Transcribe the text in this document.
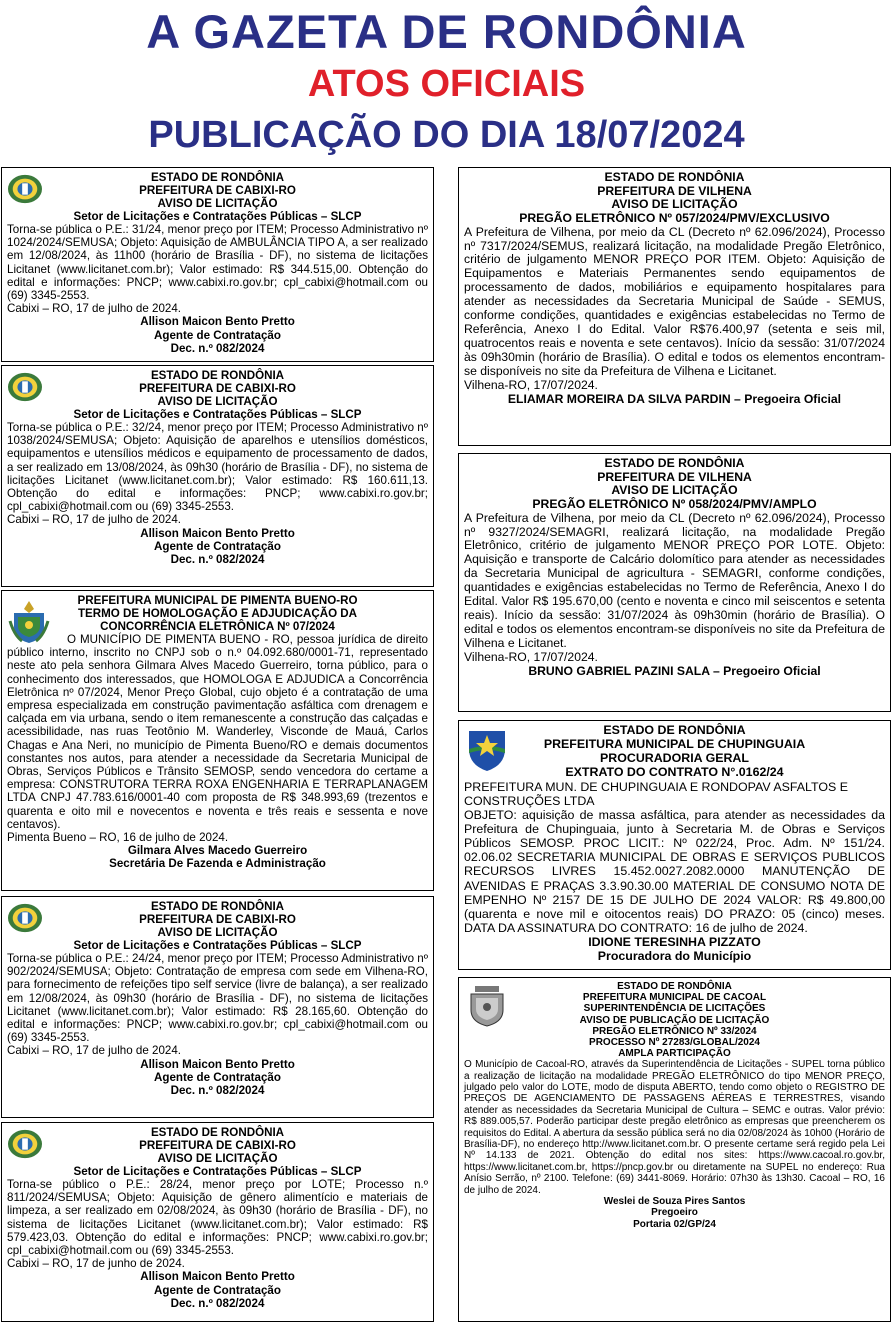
A GAZETA DE RONDÔNIA
ATOS OFICIAIS
PUBLICAÇÃO DO DIA 18/07/2024
ESTADO DE RONDÔNIA
PREFEITURA DE CABIXI-RO
AVISO DE LICITAÇÃO
Setor de Licitações e Contratações Públicas – SLCP
Torna-se pública o P.E.: 31/24, menor preço por ITEM; Processo Administrativo nº 1024/2024/SEMUSA; Objeto: Aquisição de AMBULÂNCIA TIPO A, a ser realizado em 12/08/2024, às 11h00 (horário de Brasília - DF), no sistema de licitações Licitanet (www.licitanet.com.br); Valor estimado: R$ 344.515,00. Obtenção do edital e informações: PNCP; www.cabixi.ro.gov.br; cpl_cabixi@hotmail.com ou (69) 3345-2553.
Cabixi – RO, 17 de julho de 2024.
Allison Maicon Bento Pretto
Agente de Contratação
Dec. n.º 082/2024
ESTADO DE RONDÔNIA
PREFEITURA DE CABIXI-RO
AVISO DE LICITAÇÃO
Setor de Licitações e Contratações Públicas – SLCP
Torna-se pública o P.E.: 32/24, menor preço por ITEM; Processo Administrativo nº 1038/2024/SEMUSA; Objeto: Aquisição de aparelhos e utensílios domésticos, equipamentos e utensílios médicos e equipamento de processamento de dados, a ser realizado em 13/08/2024, às 09h30 (horário de Brasília - DF), no sistema de licitações Licitanet (www.licitanet.com.br); Valor estimado: R$ 160.611,13. Obtenção do edital e informações: PNCP; www.cabixi.ro.gov.br; cpl_cabixi@hotmail.com ou (69) 3345-2553.
Cabixi – RO, 17 de julho de 2024.
Allison Maicon Bento Pretto
Agente de Contratação
Dec. n.º 082/2024
PREFEITURA MUNICIPAL DE PIMENTA BUENO-RO
TERMO DE HOMOLOGAÇÃO E ADJUDICAÇÃO DA
CONCORRÊNCIA ELETRÔNICA Nº 07/2024
O MUNICÍPIO DE PIMENTA BUENO - RO, pessoa jurídica de direito público interno, inscrito no CNPJ sob o n.º 04.092.680/0001-71, representado neste ato pela senhora Gilmara Alves Macedo Guerreiro, torna público, para o conhecimento dos interessados, que HOMOLOGA E ADJUDICA a Concorrência Eletrônica nº 07/2024, Menor Preço Global, cujo objeto é a contratação de uma empresa especializada em construção pavimentação asfáltica com drenagem e calçada em via urbana, sendo o item remanescente a construção das calçadas e acessibilidade, nas ruas Teotônio M. Wanderley, Visconde de Mauá, Carlos Chagas e Ana Neri, no município de Pimenta Bueno/RO e demais documentos constantes nos autos, para atender a necessidade da Secretaria Municipal de Obras, Serviços Públicos e Trânsito SEMOSP, sendo vencedora do certame a empresa: CONSTRUTORA TERRA ROXA ENGENHARIA E TERRAPLANAGEM LTDA CNPJ 47.783.616/0001-40 com proposta de R$ 348.993,69 (trezentos e quarenta e oito mil e novecentos e noventa e três reais e sessenta e nove centavos).
Pimenta Bueno – RO, 16 de julho de 2024.
Gilmara Alves Macedo Guerreiro
Secretária De Fazenda e Administração
ESTADO DE RONDÔNIA
PREFEITURA DE CABIXI-RO
AVISO DE LICITAÇÃO
Setor de Licitações e Contratações Públicas – SLCP
Torna-se pública o P.E.: 24/24, menor preço por ITEM; Processo Administrativo nº 902/2024/SEMUSA; Objeto: Contratação de empresa com sede em Vilhena-RO, para fornecimento de refeições tipo self service (livre de balança), a ser realizado em 12/08/2024, às 09h30 (horário de Brasília - DF), no sistema de licitações Licitanet (www.licitanet.com.br); Valor estimado: R$ 28.165,60. Obtenção do edital e informações: PNCP; www.cabixi.ro.gov.br; cpl_cabixi@hotmail.com ou (69) 3345-2553.
Cabixi – RO, 17 de julho de 2024.
Allison Maicon Bento Pretto
Agente de Contratação
Dec. n.º 082/2024
ESTADO DE RONDÔNIA
PREFEITURA DE CABIXI-RO
AVISO DE LICITAÇÃO
Setor de Licitações e Contratações Públicas – SLCP
Torna-se público o P.E.: 28/24, menor preço por LOTE; Processo n.º 811/2024/SEMUSA; Objeto: Aquisição de gênero alimentício e materiais de limpeza, a ser realizado em 02/08/2024, às 09h30 (horário de Brasília - DF), no sistema de licitações Licitanet (www.licitanet.com.br); Valor estimado: R$ 579.423,03. Obtenção do edital e informações: PNCP; www.cabixi.ro.gov.br; cpl_cabixi@hotmail.com ou (69) 3345-2553.
Cabixi – RO, 17 de junho de 2024.
Allison Maicon Bento Pretto
Agente de Contratação
Dec. n.º 082/2024
ESTADO DE RONDÔNIA
PREFEITURA DE VILHENA
AVISO DE LICITAÇÃO
PREGÃO ELETRÔNICO Nº 057/2024/PMV/EXCLUSIVO
A Prefeitura de Vilhena, por meio da CL (Decreto nº 62.096/2024), Processo nº 7317/2024/SEMUS, realizará licitação, na modalidade Pregão Eletrônico, critério de julgamento MENOR PREÇO POR ITEM. Objeto: Aquisição de Equipamentos e Materiais Permanentes sendo equipamentos de processamento de dados, mobiliários e equipamento hospitalares para atender as necessidades da Secretaria Municipal de Saúde - SEMUS, conforme condições, quantidades e exigências estabelecidas no Termo de Referência, Anexo I do Edital. Valor R$76.400,97 (setenta e seis mil, quatrocentos reais e noventa e sete centavos). Início da sessão: 31/07/2024 às 09h30min (horário de Brasília). O edital e todos os elementos encontram-se disponíveis no site da Prefeitura de Vilhena e Licitanet.
Vilhena-RO, 17/07/2024.
ELIAMAR MOREIRA DA SILVA PARDIN – Pregoeira Oficial
ESTADO DE RONDÔNIA
PREFEITURA DE VILHENA
AVISO DE LICITAÇÃO
PREGÃO ELETRÔNICO Nº 058/2024/PMV/AMPLO
A Prefeitura de Vilhena, por meio da CL (Decreto nº 62.096/2024), Processo nº 9327/2024/SEMAGRI, realizará licitação, na modalidade Pregão Eletrônico, critério de julgamento MENOR PREÇO POR LOTE. Objeto: Aquisição e transporte de Calcário dolomítico para atender as necessidades da Secretaria Municipal de agricultura - SEMAGRI, conforme condições, quantidades e exigências estabelecidas no Termo de Referência, Anexo I do Edital. Valor R$ 195.670,00 (cento e noventa e cinco mil seiscentos e setenta reais). Início da sessão: 31/07/2024 às 09h30min (horário de Brasília). O edital e todos os elementos encontram-se disponíveis no site da Prefeitura de Vilhena e Licitanet.
Vilhena-RO, 17/07/2024.
BRUNO GABRIEL PAZINI SALA – Pregoeiro Oficial
ESTADO DE RONDÔNIA
PREFEITURA MUNICIPAL DE CHUPINGUAIA
PROCURADORIA GERAL
EXTRATO DO CONTRATO N°.0162/24
PREFEITURA MUN. DE CHUPINGUAIA E RONDOPAV ASFALTOS E CONSTRUÇÕES LTDA
OBJETO: aquisição de massa asfáltica, para atender as necessidades da Prefeitura de Chupinguaia, junto à Secretaria M. de Obras e Serviços Públicos SEMOSP. PROC LICIT.: Nº 022/24, Proc. Adm. Nº 151/24. 02.06.02 SECRETARIA MUNICIPAL DE OBRAS E SERVIÇOS PUBLICOS RECURSOS LIVRES 15.452.0027.2082.0000 MANUTENÇÃO DE AVENIDAS E PRAÇAS 3.3.90.30.00 MATERIAL DE CONSUMO NOTA DE EMPENHO Nº 2157 DE 15 DE JULHO DE 2024 VALOR: R$ 49.800,00 (quarenta e nove mil e oitocentos reais) DO PRAZO: 05 (cinco) meses. DATA DA ASSINATURA DO CONTRATO: 16 de julho de 2024.
IDIONE TERESINHA PIZZATO
Procuradora do Município
ESTADO DE RONDÔNIA
PREFEITURA MUNICIPAL DE CACOAL
SUPERINTENDÊNCIA DE LICITAÇÕES
AVISO DE PUBLICAÇÃO DE LICITAÇÃO
PREGÃO ELETRÔNICO Nº 33/2024
PROCESSO Nº 27283/GLOBAL/2024
AMPLA PARTICIPAÇÃO
O Município de Cacoal-RO, através da Superintendência de Licitações - SUPEL torna público a realização de licitação na modalidade PREGÃO ELETRÔNICO do tipo MENOR PREÇO, julgado pelo valor do LOTE, modo de disputa ABERTO, tendo como objeto o REGISTRO DE PREÇOS DE AGENCIAMENTO DE PASSAGENS AÉREAS E TERRESTRES, visando atender as necessidades da Secretaria Municipal de Cultura – SEMC e outras. Valor prévio: R$ 889.005,57. Poderão participar deste pregão eletrônico as empresas que preencherem os requisitos do Edital. A abertura da sessão pública será no dia 02/08/2024 às 10h00 (Horário de Brasília-DF), no endereço http://www.licitanet.com.br. O presente certame será regido pela Lei Nº 14.133 de 2021. Obtenção do edital nos sites: https://www.cacoal.ro.gov.br, https://www.licitanet.com.br, https://pncp.gov.br ou diretamente na SUPEL no endereço: Rua Anísio Serrão, nº 2100. Telefone: (69) 3441-8069. Horário: 07h30 às 13h30. Cacoal – RO, 16 de julho de 2024.
Weslei de Souza Pires Santos
Pregoeiro
Portaria 02/GP/24
